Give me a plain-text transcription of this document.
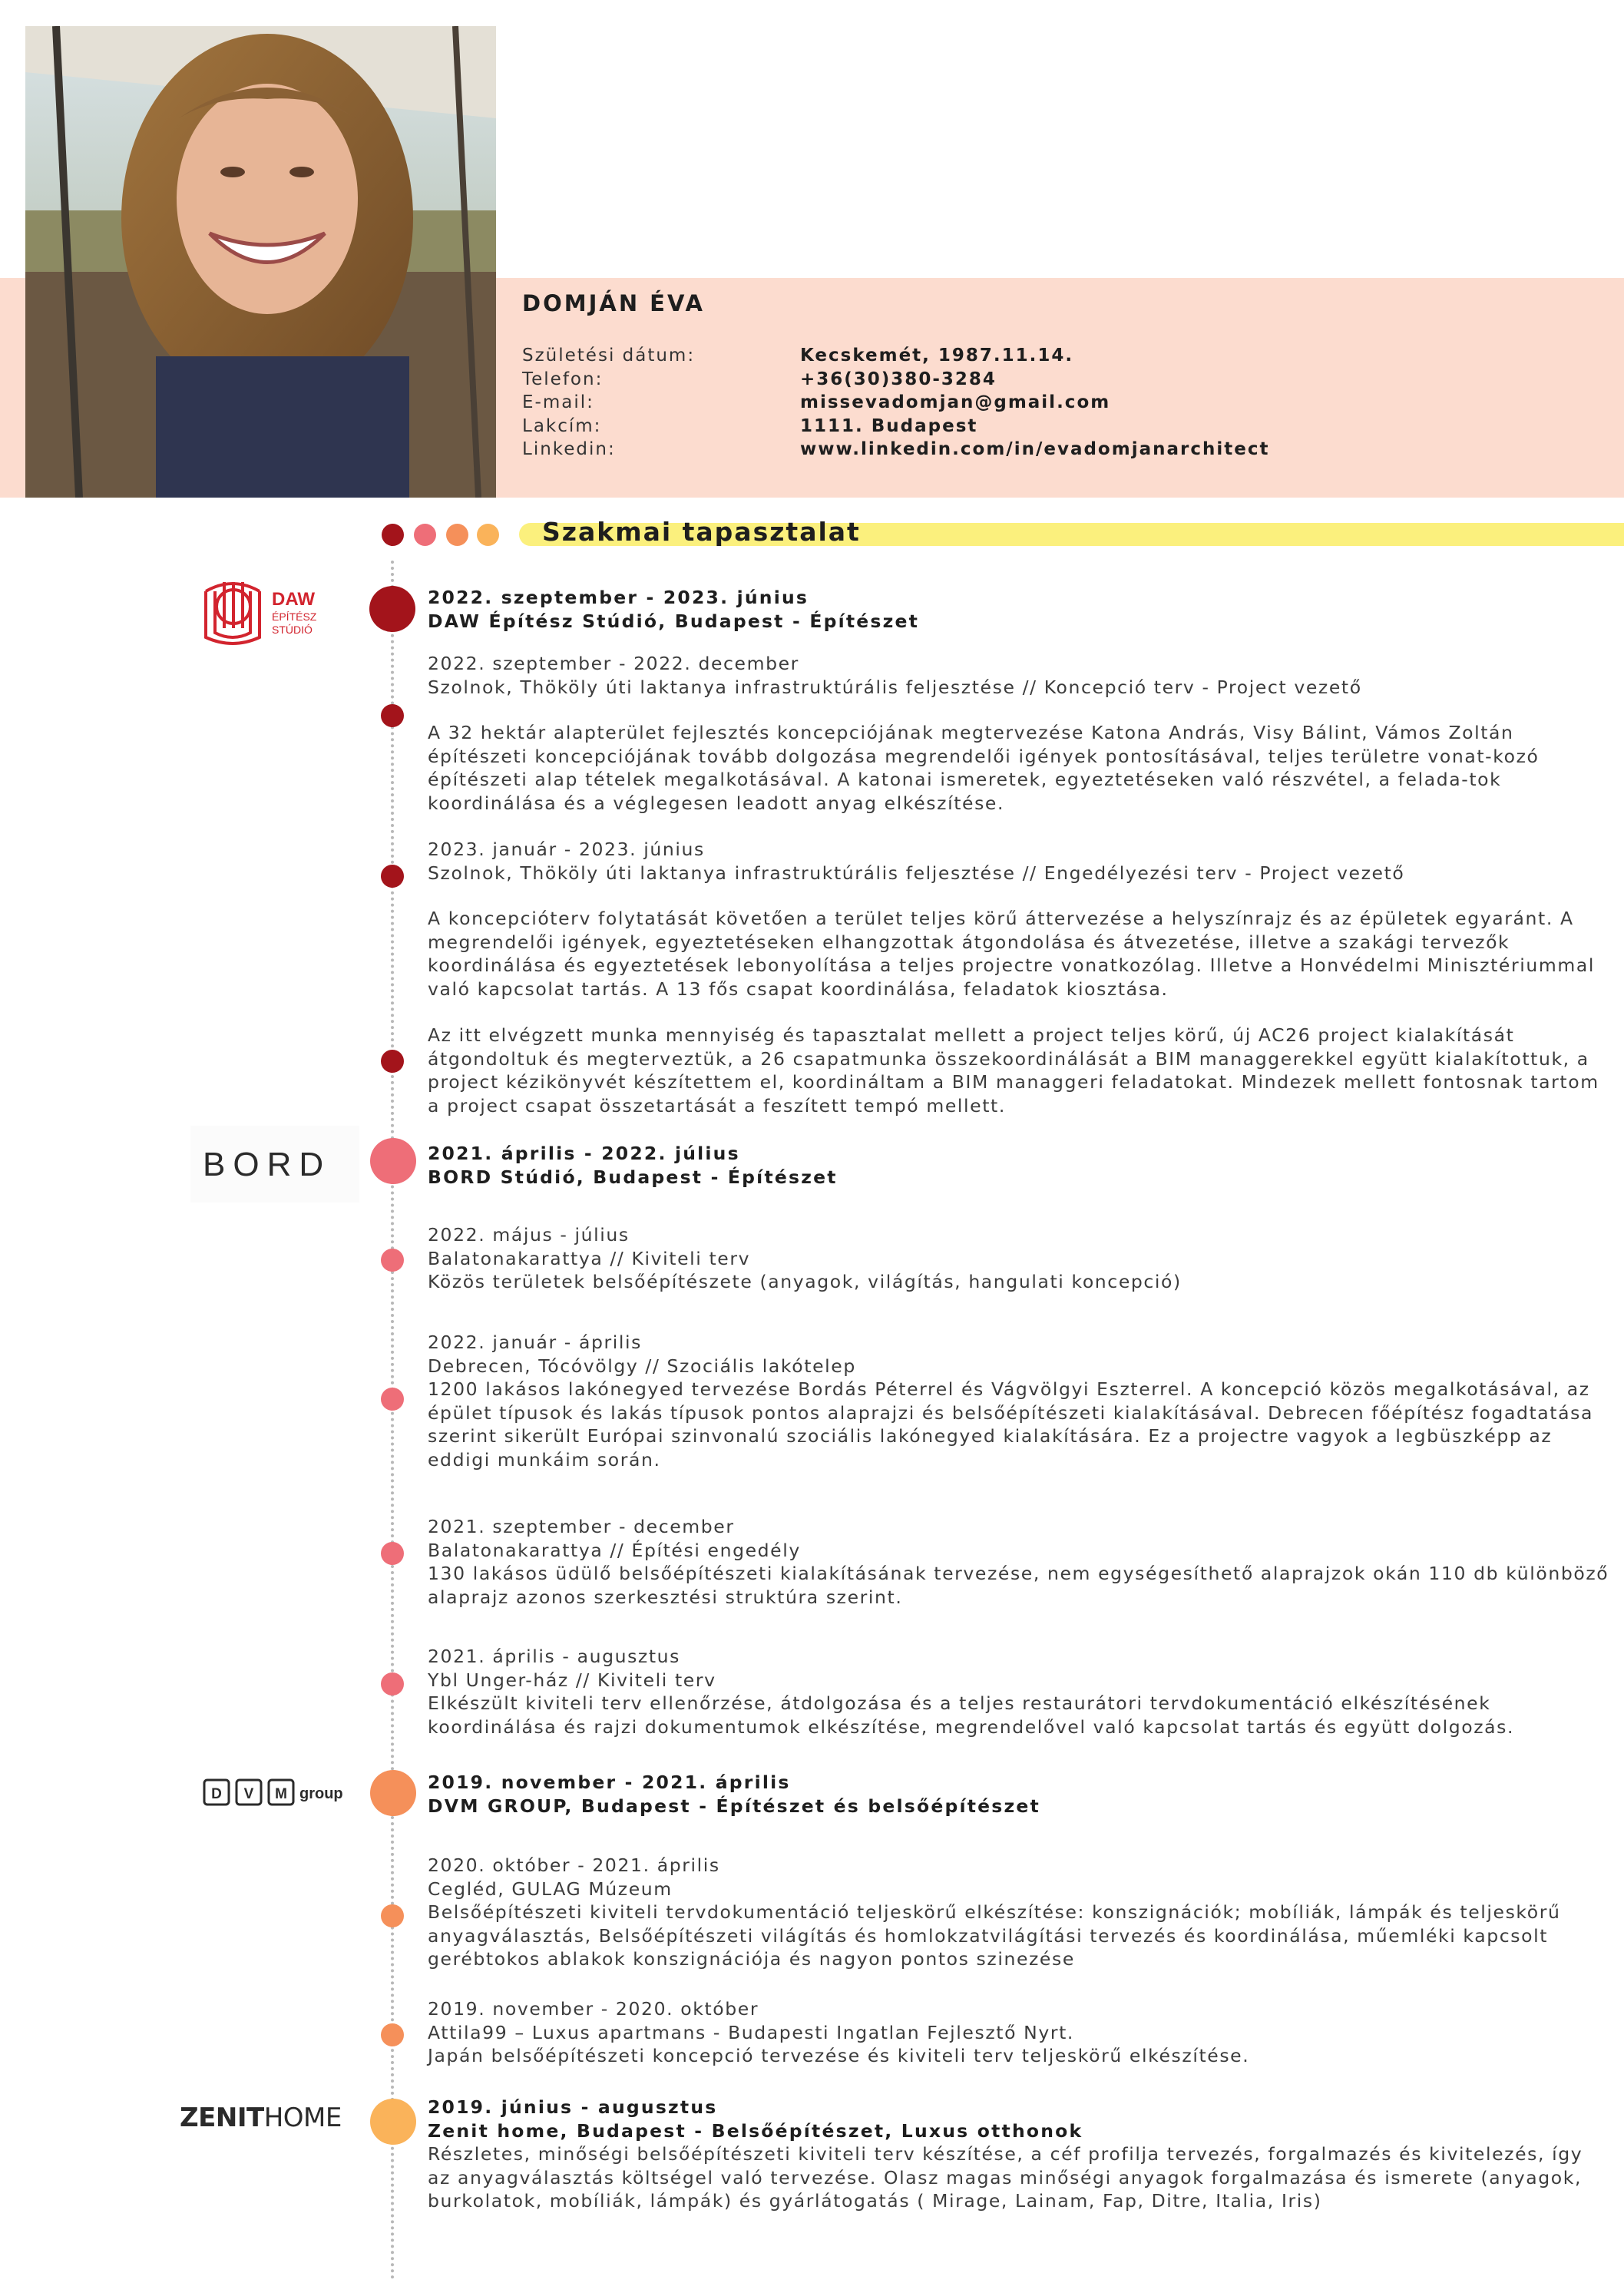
DOMJÁN ÉVA
Születési dátum:
Telefon:
E-mail:
Lakcím:
Linkedin:
Kecskemét, 1987.11.14.
+36(30)380-3284
missevadomjan@gmail.com
1111. Budapest
www.linkedin.com/in/evadomjanarchitect
Szakmai tapasztalat
DAW
ÉPÍTÉSZ
STÚDIÓ
BORD
D V M group
ZENITHOME
2022. szeptember - 2023. június
DAW Építész Stúdió, Budapest - Építészet
2022. szeptember - 2022. december
Szolnok, Thököly úti laktanya infrastruktúrális feljesztése // Koncepció terv - Project vezető
A 32 hektár alapterület fejlesztés koncepciójának megtervezése Katona András, Visy Bálint, Vámos Zoltán építészeti koncepciójának tovább dolgozása megrendelői igények pontosításával, teljes területre vonat-kozó építészeti alap tételek megalkotásával. A katonai ismeretek, egyeztetéseken való részvétel, a felada-tok koordinálása és a véglegesen leadott anyag elkészítése.
2023. január - 2023. június
Szolnok, Thököly úti laktanya infrastruktúrális feljesztése // Engedélyezési terv - Project vezető
A koncepcióterv folytatását követően a terület teljes körű áttervezése a helyszínrajz és az épületek egyaránt. A megrendelői igények, egyeztetéseken elhangzottak átgondolása és átvezetése, illetve a szakági tervezők koordinálása és egyeztetések lebonyolítása a teljes projectre vonatkozólag. Illetve a Honvédelmi Minisztériummal való kapcsolat tartás. A 13 fős csapat koordinálása, feladatok kiosztása.
Az itt elvégzett munka mennyiség és tapasztalat mellett a project teljes körű, új AC26 project kialakítását átgondoltuk és megterveztük, a 26 csapatmunka összekoordinálását a BIM managgerekkel együtt kialakítottuk, a project kézikönyvét készítettem el, koordináltam a BIM managgeri feladatokat. Mindezek mellett fontosnak tartom a project csapat összetartását a feszített tempó mellett.
2021. április - 2022. július
BORD Stúdió, Budapest - Építészet
2022. május - július
Balatonakarattya // Kiviteli terv
Közös területek belsőépítészete (anyagok, világítás, hangulati koncepció)
2022. január - április
Debrecen, Tócóvölgy // Szociális lakótelep
1200 lakásos lakónegyed tervezése Bordás Péterrel és Vágvölgyi Eszterrel. A koncepció közös megalkotásával, az épület típusok és lakás típusok pontos alaprajzi és belsőépítészeti kialakításával. Debrecen főépítész fogadtatása szerint sikerült Európai szinvonalú szociális lakónegyed kialakítására. Ez a projectre vagyok a legbüszképp az eddigi munkáim során.
2021. szeptember - december
Balatonakarattya // Építési engedély
130 lakásos üdülő belsőépítészeti kialakításának tervezése, nem egységesíthető alaprajzok okán 110 db különböző alaprajz azonos szerkesztési struktúra szerint.
2021. április - augusztus
Ybl Unger-ház // Kiviteli terv
Elkészült kiviteli terv ellenőrzése, átdolgozása és a teljes restaurátori tervdokumentáció elkészítésének koordinálása és rajzi dokumentumok elkészítése, megrendelővel való kapcsolat tartás és együtt dolgozás.
2019. november - 2021. április
DVM GROUP, Budapest - Építészet és belsőépítészet
2020. október - 2021. április
Cegléd, GULAG Múzeum
Belsőépítészeti kiviteli tervdokumentáció teljeskörű elkészítése: konszignációk; mobíliák, lámpák és teljeskörű anyagválasztás, Belsőépítészeti világítás és homlokzatvilágítási tervezés és koordinálása, műemléki kapcsolt gerébtokos ablakok konszignációja és nagyon pontos szinezése
2019. november - 2020. október
Attila99 – Luxus apartmans - Budapesti Ingatlan Fejlesztő Nyrt.
Japán belsőépítészeti koncepció tervezése és kiviteli terv teljeskörű elkészítése.
2019. június - augusztus
Zenit home, Budapest - Belsőépítészet, Luxus otthonok
Részletes, minőségi belsőépítészeti kiviteli terv készítése, a céf profilja tervezés, forgalmazés és kivitelezés, így az anyagválasztás költségel való tervezése. Olasz magas minőségi anyagok forgalmazása és ismerete (anyagok, burkolatok, mobíliák, lámpák) és gyárlátogatás ( Mirage, Lainam, Fap, Ditre, Italia, Iris)
